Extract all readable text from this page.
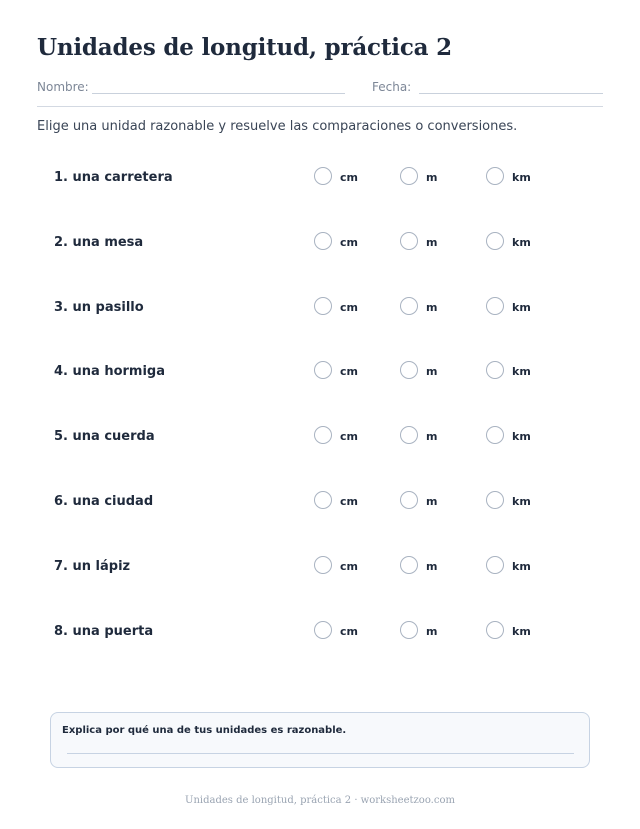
Unidades de longitud, práctica 2
Nombre:	Fecha:

Elige una unidad razonable y resuelve las comparaciones o conversiones.

1. una carretera	cm	m	km
2. una mesa	cm	m	km
3. un pasillo	cm	m	km
4. una hormiga	cm	m	km
5. una cuerda	cm	m	km
6. una ciudad	cm	m	km
7. un lápiz	cm	m	km
8. una puerta	cm	m	km
Explica por qué una de tus unidades es razonable.
Unidades de longitud, práctica 2 · worksheetzoo.com
